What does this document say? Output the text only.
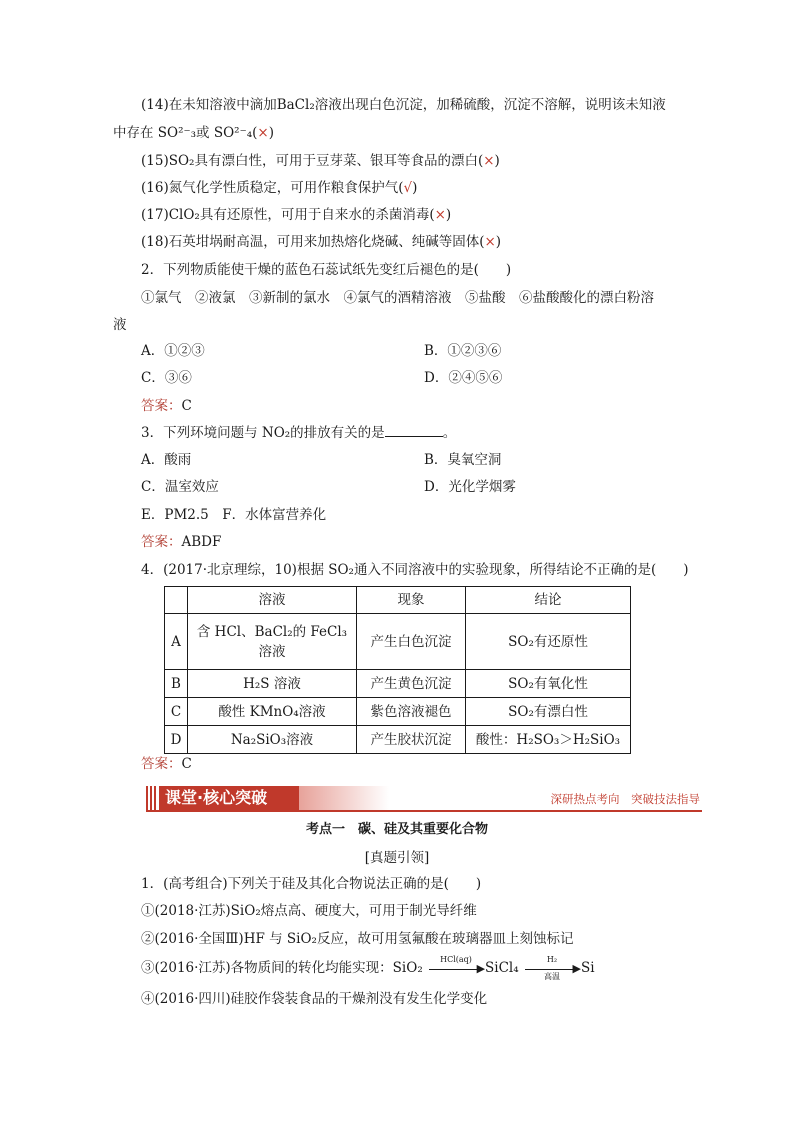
(14)在未知溶液中滴加BaCl₂溶液出现白色沉淀，加稀硫酸，沉淀不溶解，说明该未知液
中存在 SO²⁻₃或 SO²⁻₄(×)
(15)SO₂具有漂白性，可用于豆芽菜、银耳等食品的漂白(×)
(16)氮气化学性质稳定，可用作粮食保护气(√)
(17)ClO₂具有还原性，可用于自来水的杀菌消毒(×)
(18)石英坩埚耐高温，可用来加热熔化烧碱、纯碱等固体(×)
2．下列物质能使干燥的蓝色石蕊试纸先变红后褪色的是(　　)
①氯气　②液氯　③新制的氯水　④氯气的酒精溶液　⑤盐酸　⑥盐酸酸化的漂白粉溶
液
A．①②③	B．①②③⑥
C．③⑥	D．②④⑤⑥
答案：C
3．下列环境问题与 NO₂的排放有关的是	。
A．酸雨	B．臭氧空洞
C．温室效应	D．光化学烟雾
E．PM2.5　F．水体富营养化
答案：ABDF
4．(2017·北京理综，10)根据 SO₂通入不同溶液中的实验现象，所得结论不正确的是(　　)
	溶液	现象	结论
A	含 HCl、BaCl₂的 FeCl₃
溶液	产生白色沉淀	SO₂有还原性
B	H₂S 溶液	产生黄色沉淀	SO₂有氧化性
C	酸性 KMnO₄溶液	紫色溶液褪色	SO₂有漂白性
D	Na₂SiO₃溶液	产生胶状沉淀	酸性：H₂SO₃＞H₂SiO₃
答案：C
课堂·核心突破	深研热点考向　突破技法指导
考点一　碳、硅及其重要化合物
[真题引领]
1．(高考组合)下列关于硅及其化合物说法正确的是(　　)
①(2018·江苏)SiO₂熔点高、硬度大，可用于制光导纤维
②(2016·全国Ⅲ)HF 与 SiO₂反应，故可用氢氟酸在玻璃器皿上刻蚀标记
③(2016·江苏)各物质间的转化均能实现：SiO₂
HCl(aq)
▶ SiCl₄
H₂
▶
高温	Si
④(2016·四川)硅胶作袋装食品的干燥剂没有发生化学变化
